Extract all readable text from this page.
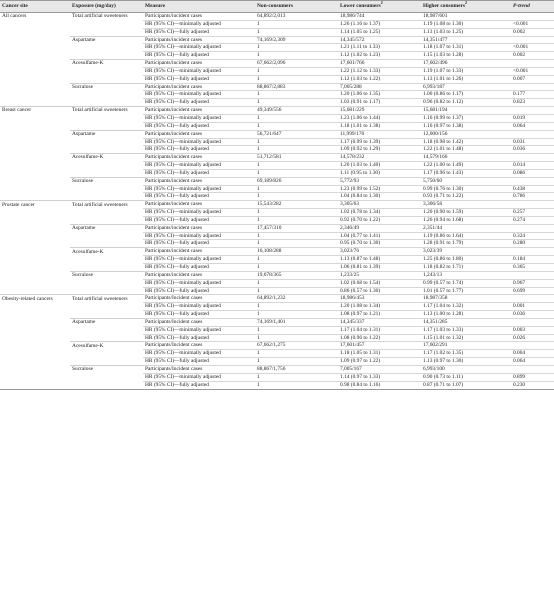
Cancer site	Exposure (mg/day)	Measure	Non-consumers	Lower consumers$^2$	Higher consumers$^2$	P-trend
All cancers	Total artificial sweeteners	Participants/incident cases	64,892/2,013	18,986/744	18,987/601	
		HR (95% CI)—minimally adjusted	1	1.26 (1.16 to 1.37)	1.19 (1.08 to 1.30)	<0.001
		HR (95% CI)—fully adjusted	1	1.14 (1.05 to 1.25)	1.13 (1.03 to 1.25)	0.002
	Aspartame	Participants/incident cases	74,169/2,309	14,345/572	14,351/477	
		HR (95% CI)—minimally adjusted	1	1.21 (1.11 to 1.33)	1.18 (1.07 to 1.31)	<0.001
		HR (95% CI)—fully adjusted	1	1.12 (1.02 to 1.23)	1.15 (1.03 to 1.28)	0.002
	Acesulfame-K	Participants/incident cases	67,662/2,096	17,601/766	17,602/496	
		HR (95% CI)—minimally adjusted	1	1.22 (1.12 to 1.33)	1.19 (1.07 to 1.33)	<0.001
		HR (95% CI)—fully adjusted	1	1.12 (1.03 to 1.22)	1.13 (1.01 to 1.26)	0.007
	Sucralose	Participants/incident cases	88,867/2,883	7,005/288	6,993/187	
		HR (95% CI)—minimally adjusted	1	1.20 (1.06 to 1.35)	1.00 (0.86 to 1.17)	0.177
		HR (95% CI)—fully adjusted	1	1.03 (0.91 to 1.17)	0.96 (0.82 to 1.12)	0.823
Breast cancer	Total artificial sweeteners	Participants/incident cases	49,349/556	15,681/229	15,681/194	
		HR (95% CI)—minimally adjusted	1	1.23 (1.06 to 1.44)	1.16 (0.99 to 1.37)	0.019
		HR (95% CI)—fully adjusted	1	1.18 (1.01 to 1.38)	1.16 (0.97 to 1.38)	0.064
	Aspartame	Participants/incident cases	56,721/647	11,999/176	12,000/156	
		HR (95% CI)—minimally adjusted	1	1.17 (0.99 to 1.39)	1.18 (0.98 to 1.42)	0.031
		HR (95% CI)—fully adjusted	1	1.09 (0.92 to 1.29)	1.22 (1.01 to 1.48)	0.036
	Acesulfame-K	Participants/incident cases	51,712/581	14,578/232	14,579/166	
		HR (95% CI)—minimally adjusted	1	1.20 (1.03 to 1.40)	1.22 (1.00 to 1.49)	0.014
		HR (95% CI)—fully adjusted	1	1.11 (0.95 to 1.30)	1.17 (0.96 to 1.43)	0.086
	Sucralose	Participants/incident cases	69,189/826	5,772/93	5,750/60	
		HR (95% CI)—minimally adjusted	1	1.23 (0.99 to 1.52)	0.99 (0.76 to 1.30)	0.438
		HR (95% CI)—fully adjusted	1	1.04 (0.84 to 1.30)	0.93 (0.71 to 1.22)	0.786
Prostate cancer	Total artificial sweeteners	Participants/incident cases	15,543/282	3,305/63	3,306/58	
		HR (95% CI)—minimally adjusted	1	1.02 (0.78 to 1.34)	1.20 (0.90 to 1.59)	0.257
		HR (95% CI)—fully adjusted	1	0.92 (0.70 to 1.22)	1.26 (0.94 to 1.68)	0.274
	Aspartame	Participants/incident cases	17,457/310	2,346/49	2,351/44	
		HR (95% CI)—minimally adjusted	1	1.04 (0.77 to 1.41)	1.19 (0.86 to 1.64)	0.324
		HR (95% CI)—fully adjusted	1	0.95 (0.70 to 1.30)	1.28 (0.91 to 1.79)	0.280
	Acesulfame-K	Participants/incident cases	16,108/288	3,023/76	3,023/39	
		HR (95% CI)—minimally adjusted	1	1.13 (0.87 to 1.48)	1.25 (0.86 to 1.80)	0.184
		HR (95% CI)—fully adjusted	1	1.06 (0.81 to 1.39)	1.18 (0.82 to 1.71)	0.365
	Sucralose	Participants/incident cases	19,678/365	1,233/25	1,243/13	
		HR (95% CI)—minimally adjusted	1	1.02 (0.68 to 1.54)	0.99 (0.57 to 1.74)	0.967
		HR (95% CI)—fully adjusted	1	0.86 (0.57 to 1.30)	1.01 (0.57 to 1.77)	0.699
Obesity-related cancers	Total artificial sweeteners	Participants/Incident cases	64,892/1,232	18,986/453	18,987/358	
		HR (95% CI)—minimally adjusted	1	1.20 (1.08 to 1.34)	1.17 (1.04 to 1.32)	0.001
		HR (95% CI)—fully adjusted	1	1.08 (0.97 to 1.21)	1.13 (1.00 to 1.28)	0.036
	Aspartame	Participants/Incident cases	74,169/1,401	14,345/337	14,351/285	
		HR (95% CI)—minimally adjusted	1	1.17 (1.04 to 1.31)	1.17 (1.03 to 1.33)	0.003
		HR (95% CI)—fully adjusted	1	1.08 (0.96 to 1.22)	1.15 (1.01 to 1.32)	0.026
	Acesulfame-K	Participants/Incident cases	67,662/1,275	17,601/457	17,602/291	
		HR (95% CI)—minimally adjusted	1	1.18 (1.05 to 1.31)	1.17 (1.02 to 1.35)	0.004
		HR (95% CI)—fully adjusted	1	1.09 (0.97 to 1.22)	1.13 (0.97 to 1.30)	0.064
	Sucralose	Participants/Incident cases	88,867/1,756	7,005/167	6,993/100	
		HR (95% CI)—minimally adjusted	1	1.14 (0.97 to 1.33)	0.90 (0.73 to 1.11)	0.899
		HR (95% CI)—fully adjusted	1	0.98 (0.84 to 1.16)	0.87 (0.71 to 1.07)	0.230
